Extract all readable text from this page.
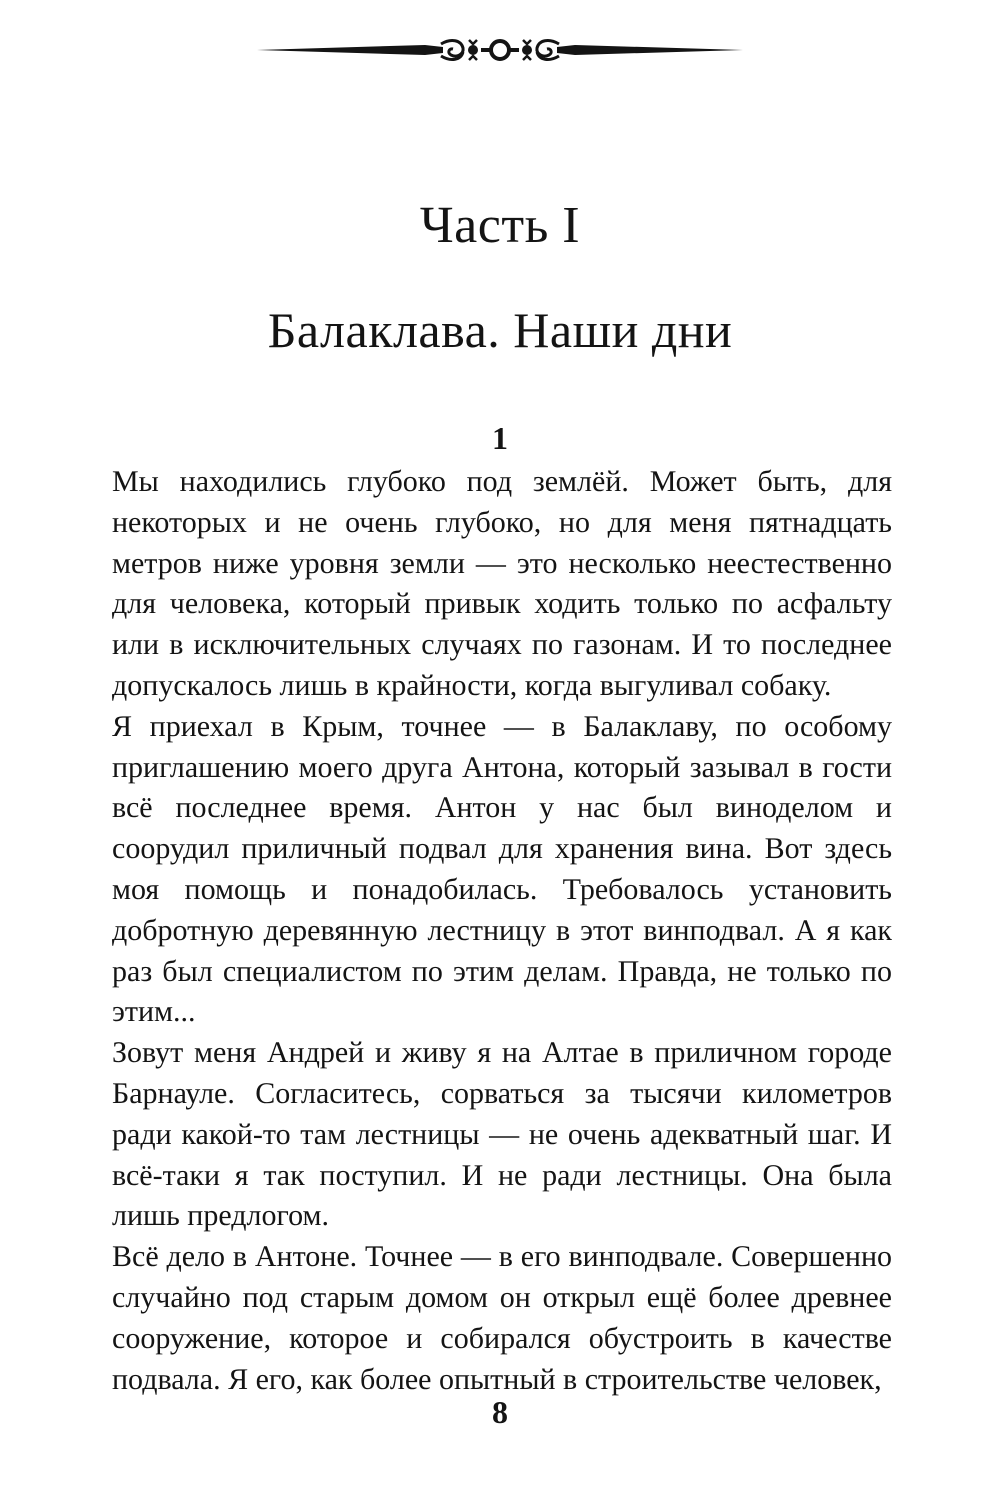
Часть I
Балаклава. Наши дни
1

Мы находились глубоко под землёй. Может быть, для некоторых и не очень глубоко, но для меня пятнадцать метров ниже уровня земли — это несколько неестественно для человека, который привык ходить только по асфальту или в исключительных случаях по газонам. И то последнее допускалось лишь в крайности, когда выгуливал собаку.

Я приехал в Крым, точнее — в Балаклаву, по особому приглашению моего друга Антона, который зазывал в гости всё последнее время. Антон у нас был виноделом и соорудил приличный подвал для хранения вина. Вот здесь моя помощь и понадобилась. Требовалось установить добротную деревянную лестницу в этот винподвал. А я как раз был специалистом по этим делам. Правда, не только по этим...

Зовут меня Андрей и живу я на Алтае в приличном городе Барнауле. Согласитесь, сорваться за тысячи километров ради какой-то там лестницы — не очень адекватный шаг. И всё-таки я так поступил. И не ради лестницы. Она была лишь предлогом.

Всё дело в Антоне. Точнее — в его винподвале. Совершенно случайно под старым домом он открыл ещё более древнее сооружение, которое и собирался обустроить в качестве подвала. Я его, как более опытный в строительстве человек,

8
